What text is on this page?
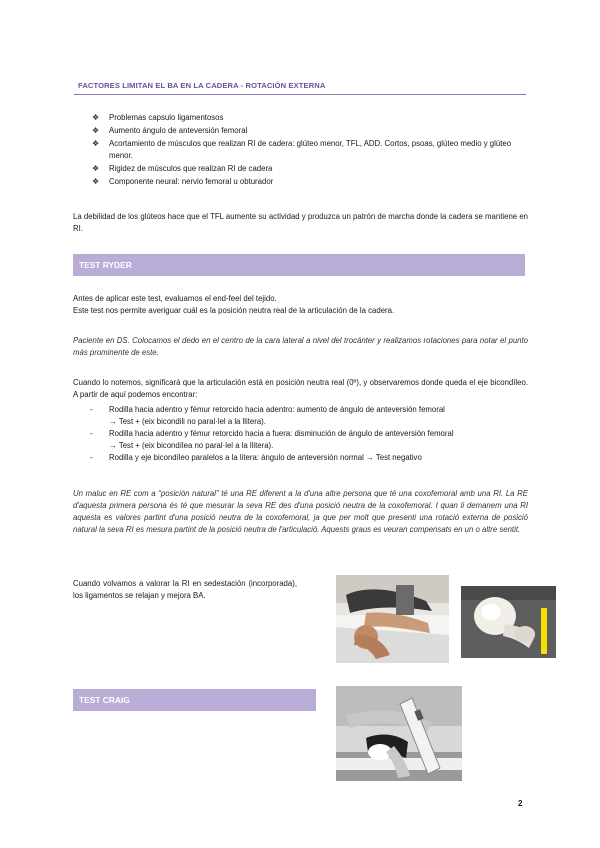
FACTORES LIMITAN EL BA EN LA CADERA - ROTACIÓN EXTERNA
❖ Problemas capsulo ligamentosos
❖ Aumento ángulo de anteversión femoral
❖ Acortamiento de músculos que realizan RI de cadera: glúteo menor, TFL, ADD. Cortos, psoas, glúteo medio y glúteo menor.
❖ Rigidez de músculos que realizan RI de cadera
❖ Componente neural: nervio femoral u obturador

La debilidad de los glúteos hace que el TFL aumente su actividad y produzca un patrón de marcha donde la cadera se mantiene en RI.

TEST RYDER

Antes de aplicar este test, evaluamos el end-feel del tejido.

Este test nos permite averiguar cuál es la posición neutra real de la articulación de la cadera.

Paciente en DS. Colocamos el dedo en el centro de la cara lateral a nivel del trocánter y realizamos rotaciones para notar el punto más prominente de este.

Cuando lo notemos, significará que la articulación está en posición neutra real (0º), y observaremos donde queda el eje bicondíleo. A partir de aquí podemos encontrar:

- Rodilla hacia adentro y fémur retorcido hacia adentro: aumento de ángulo de anteversión femoral
→ Test + (eix bicondili no paral·lel a la llitera).
- Rodilla hacia adentro y fémur retorcido hacia a fuera: disminución de ángulo de anteversión femoral
→ Test + (eix bicondílea no paral·lel a la llitera).
- Rodilla y eje bicondíleo paralelos a la litera: ángulo de anteversión normal → Test negativo

Un maluc en RE com a “posición natural” té una RE diferent a la d'una altre persona que té una coxofemoral amb una RI. La RE d'aquesta primera persona és té que mesurar la seva RE des d'una posició neutra de la coxofemoral. I quan li demanem una RI aquesta es valores partint d'una posició neutra de la coxofemoral, ja que per molt que presenti una rotació externa de posició natural la seva RI es mesura partint de la posició neutra de l'articulació. Aquests graus es veuran compensats en un o altre sentit.

Cuando volvamos a valorar la RI en sedestación (incorporada), los ligamentos se relajan y mejora BA.

TEST CRAIG
2
